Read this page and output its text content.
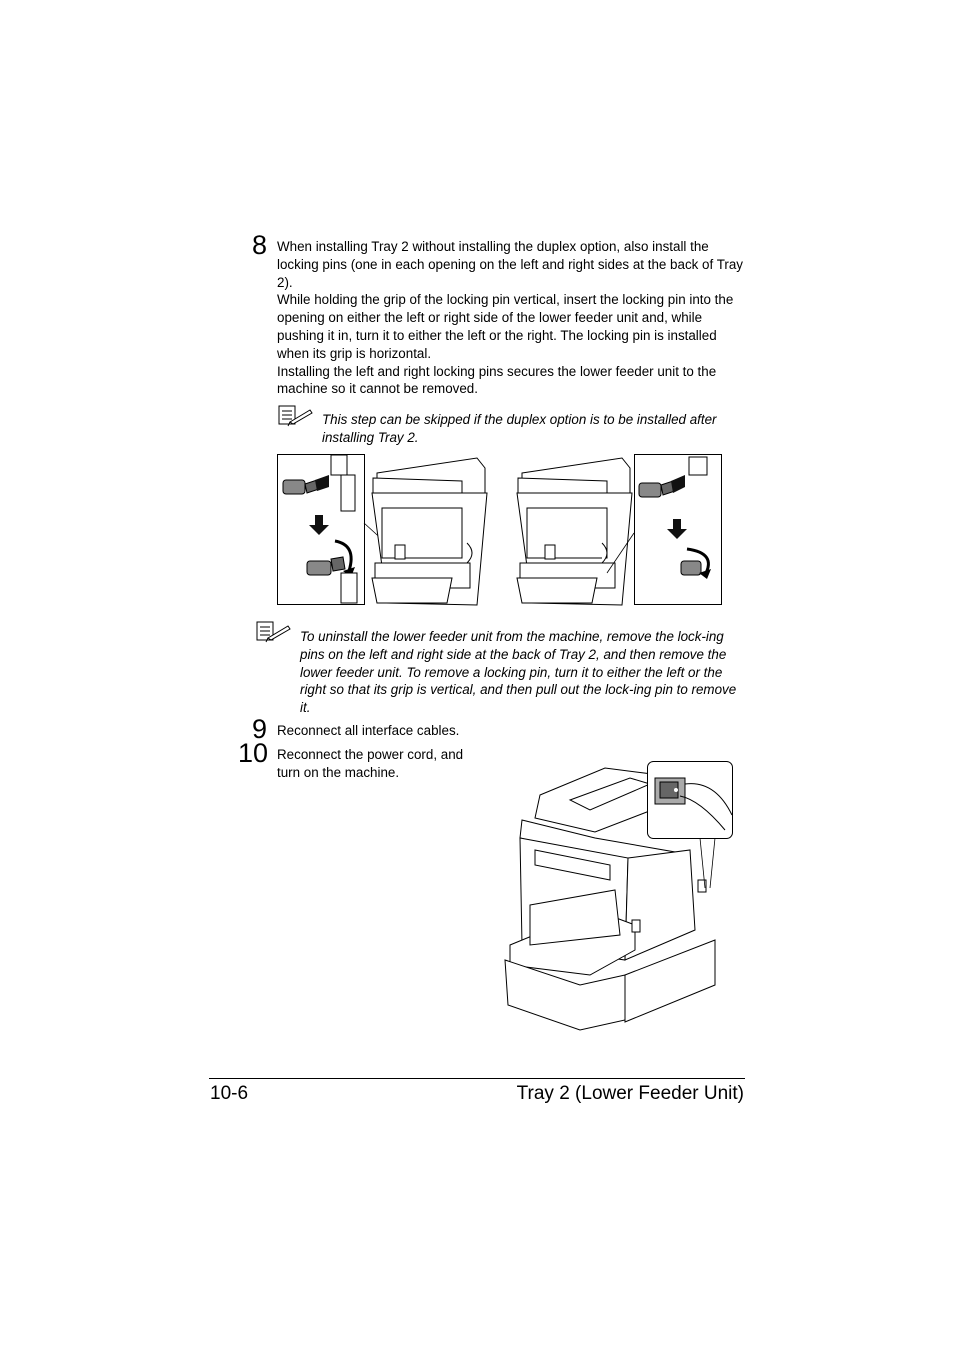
8 When installing Tray 2 without installing the duplex option, also install the locking pins (one in each opening on the left and right sides at the back of Tray 2).

While holding the grip of the locking pin vertical, insert the locking pin into the opening on either the left or right side of the lower feeder unit and, while pushing it in, turn it to either the left or the right. The locking pin is installed when its grip is horizontal.

Installing the left and right locking pins secures the lower feeder unit to the machine so it cannot be removed.

This step can be skipped if the duplex option is to be installed after installing Tray 2.
To uninstall the lower feeder unit from the machine, remove the lock-ing pins on the left and right side at the back of Tray 2, and then remove the lower feeder unit. To remove a locking pin, turn it to either the left or the right so that its grip is vertical, and then pull out the lock-ing pin to remove it.
9 Reconnect all interface cables.
10 Reconnect the power cord, and turn on the machine.
10-6	Tray 2 (Lower Feeder Unit)
